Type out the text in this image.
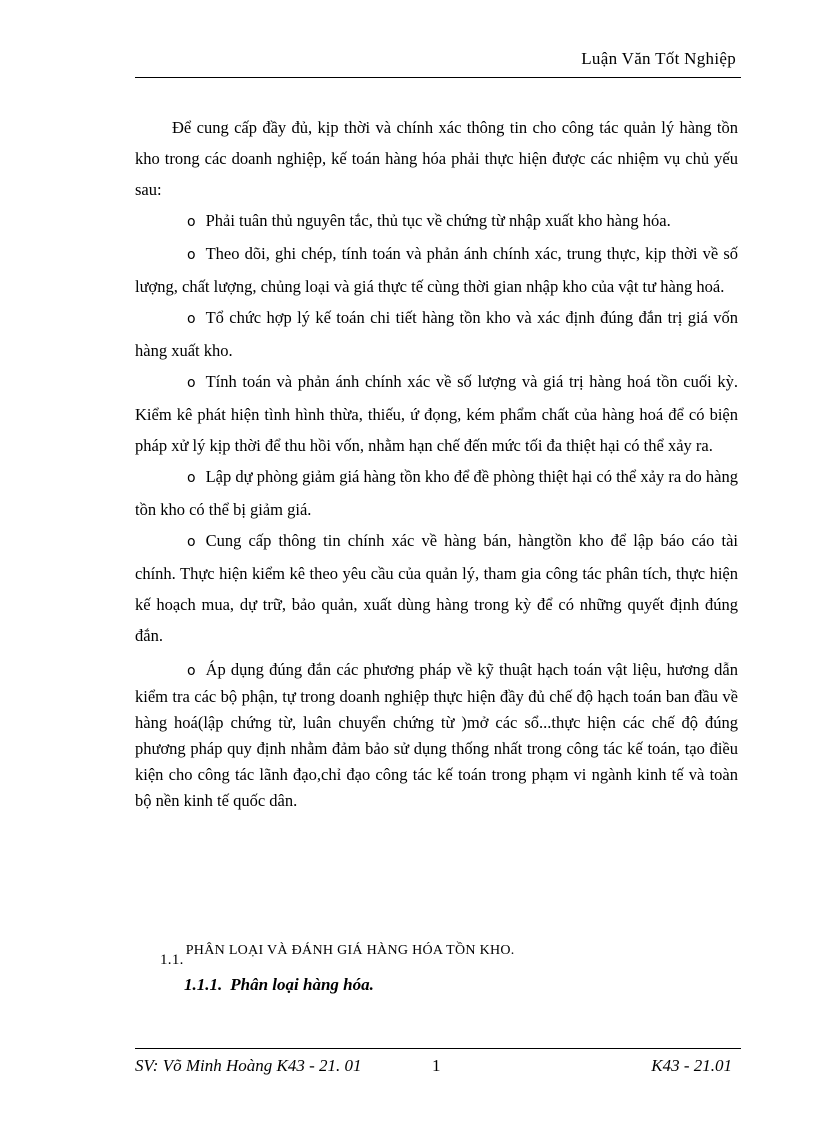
Luận Văn Tốt Nghiệp

Để cung cấp đầy đủ, kịp thời và chính xác thông tin cho công tác quản lý hàng tồn kho trong các doanh nghiệp, kế toán hàng hóa phải thực hiện được các nhiệm vụ chủ yếu sau:

o Phải tuân thủ nguyên tắc, thủ tục về chứng từ nhập xuất kho hàng hóa.

o Theo dõi, ghi chép, tính toán và phản ánh chính xác, trung thực, kịp thời về số lượng, chất lượng, chủng loại và giá thực tế cùng thời gian nhập kho của vật tư hàng hoá.

o Tổ chức hợp lý kế toán chi tiết hàng tồn kho và xác định đúng đắn trị giá vốn hàng xuất kho.

o Tính toán và phản ánh chính xác về số lượng và giá trị hàng hoá tồn cuối kỳ. Kiểm kê phát hiện tình hình thừa, thiếu, ứ đọng, kém phẩm chất của hàng hoá để có biện pháp xử lý kịp thời để thu hồi vốn, nhằm hạn chế đến mức tối đa thiệt hại có thể xảy ra.

o Lập dự phòng giảm giá hàng tồn kho để đề phòng thiệt hại có thể xảy ra do hàng tồn kho có thể bị giảm giá.

o Cung cấp thông tin chính xác về hàng bán, hàngtồn kho để lập báo cáo tài chính. Thực hiện kiểm kê theo yêu cầu của quản lý, tham gia công tác phân tích, thực hiện kế hoạch mua, dự trữ, bảo quản, xuất dùng hàng trong kỳ để có những quyết định đúng đắn.

o Áp dụng đúng đắn các phương pháp về kỹ thuật hạch toán vật liệu, hương dẫn kiểm tra các bộ phận, tự trong doanh nghiệp thực hiện đầy đủ chế độ hạch toán ban đầu về hàng hoá(lập chứng từ, luân chuyển chứng từ )mở các sổ...thực hiện các chế độ đúng phương pháp quy định nhằm đảm bảo sử dụng thống nhất trong công tác kế toán, tạo điều kiện cho công tác lãnh đạo,chỉ đạo công tác kế toán trong phạm vi ngành kinh tế và toàn bộ nền kinh tế quốc dân.

1.1.PHÂN LOẠI VÀ ĐÁNH GIÁ HÀNG HÓA TỒN KHO.
1.1.1. Phân loại hàng hóa.
SV: Võ Minh Hoàng K43 - 21. 01	1	K43 - 21.01
